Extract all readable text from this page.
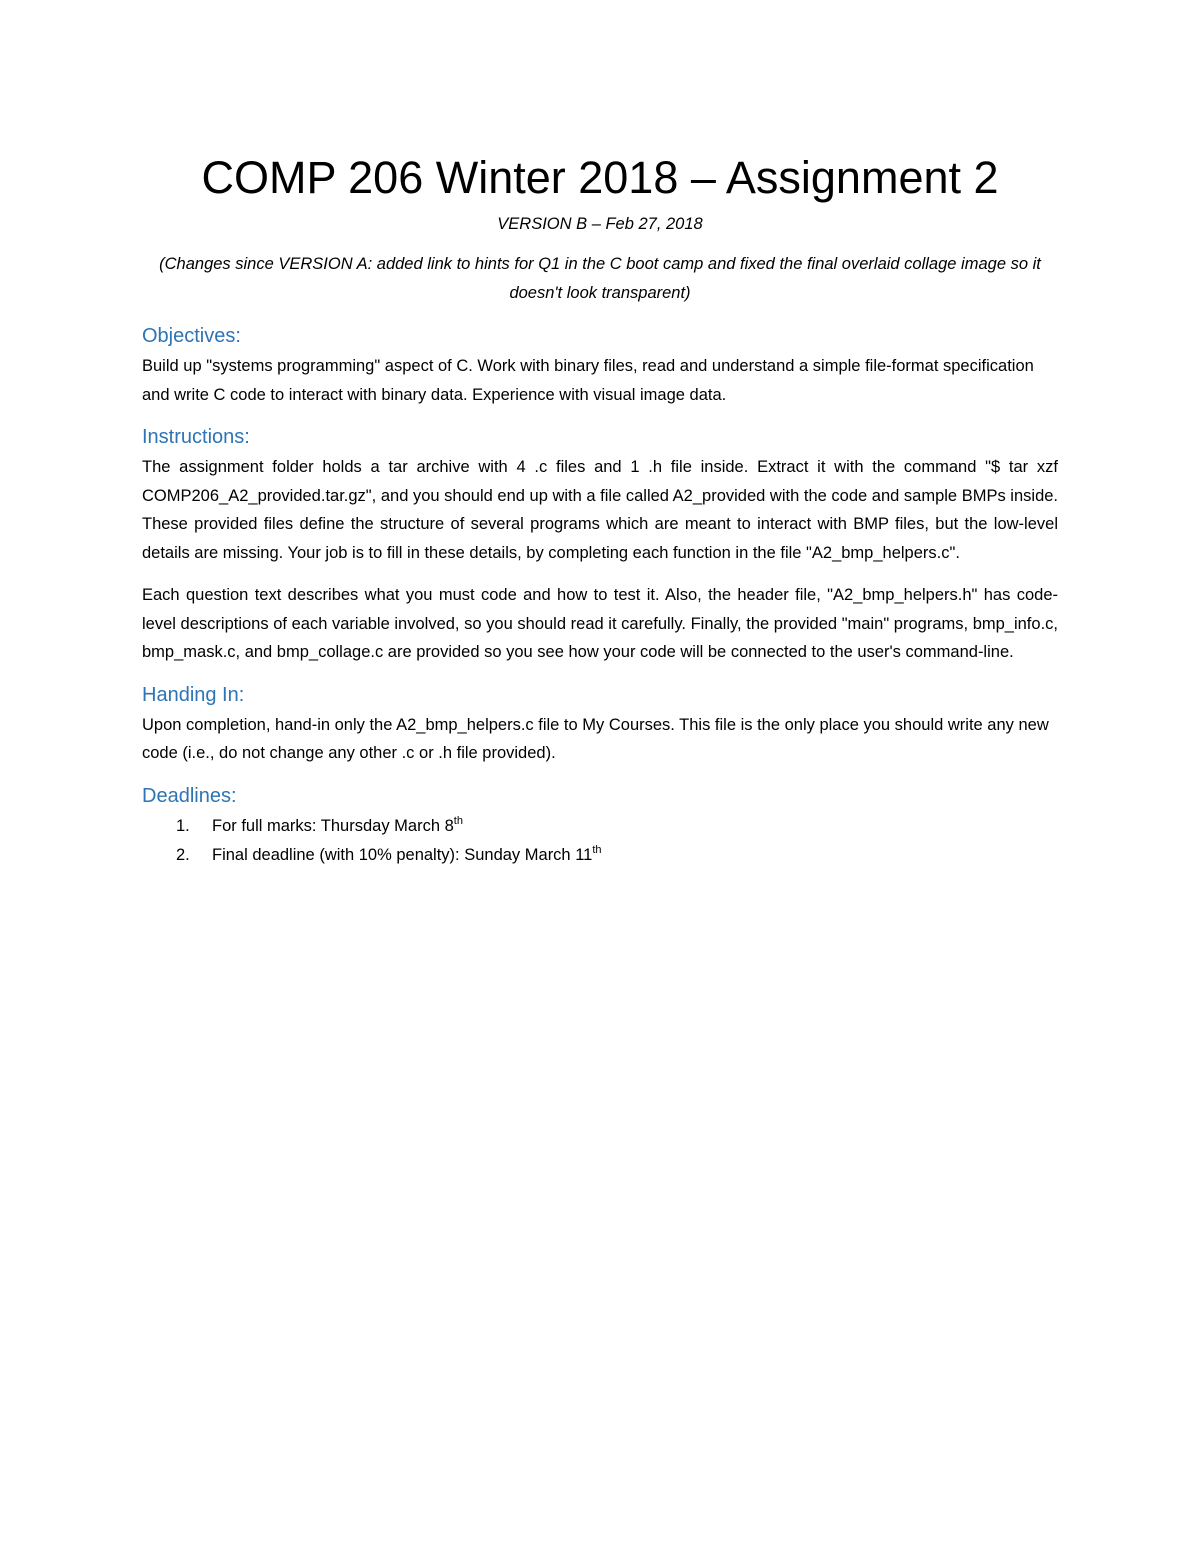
COMP 206 Winter 2018 – Assignment 2

VERSION B – Feb 27, 2018

(Changes since VERSION A: added link to hints for Q1 in the C boot camp and fixed the final overlaid collage image so it doesn't look transparent)

Objectives:

Build up "systems programming" aspect of C. Work with binary files, read and understand a simple file-format specification and write C code to interact with binary data. Experience with visual image data.

Instructions:

The assignment folder holds a tar archive with 4 .c files and 1 .h file inside. Extract it with the command "$ tar xzf COMP206_A2_provided.tar.gz", and you should end up with a file called A2_provided with the code and sample BMPs inside. These provided files define the structure of several programs which are meant to interact with BMP files, but the low-level details are missing. Your job is to fill in these details, by completing each function in the file "A2_bmp_helpers.c".

Each question text describes what you must code and how to test it. Also, the header file, "A2_bmp_helpers.h" has code-level descriptions of each variable involved, so you should read it carefully. Finally, the provided "main" programs, bmp_info.c, bmp_mask.c, and bmp_collage.c are provided so you see how your code will be connected to the user's command-line.

Handing In:

Upon completion, hand-in only the A2_bmp_helpers.c file to My Courses. This file is the only place you should write any new code (i.e., do not change any other .c or .h file provided).

Deadlines:
1.	For full marks: Thursday March 8th
2.	Final deadline (with 10% penalty): Sunday March 11th
